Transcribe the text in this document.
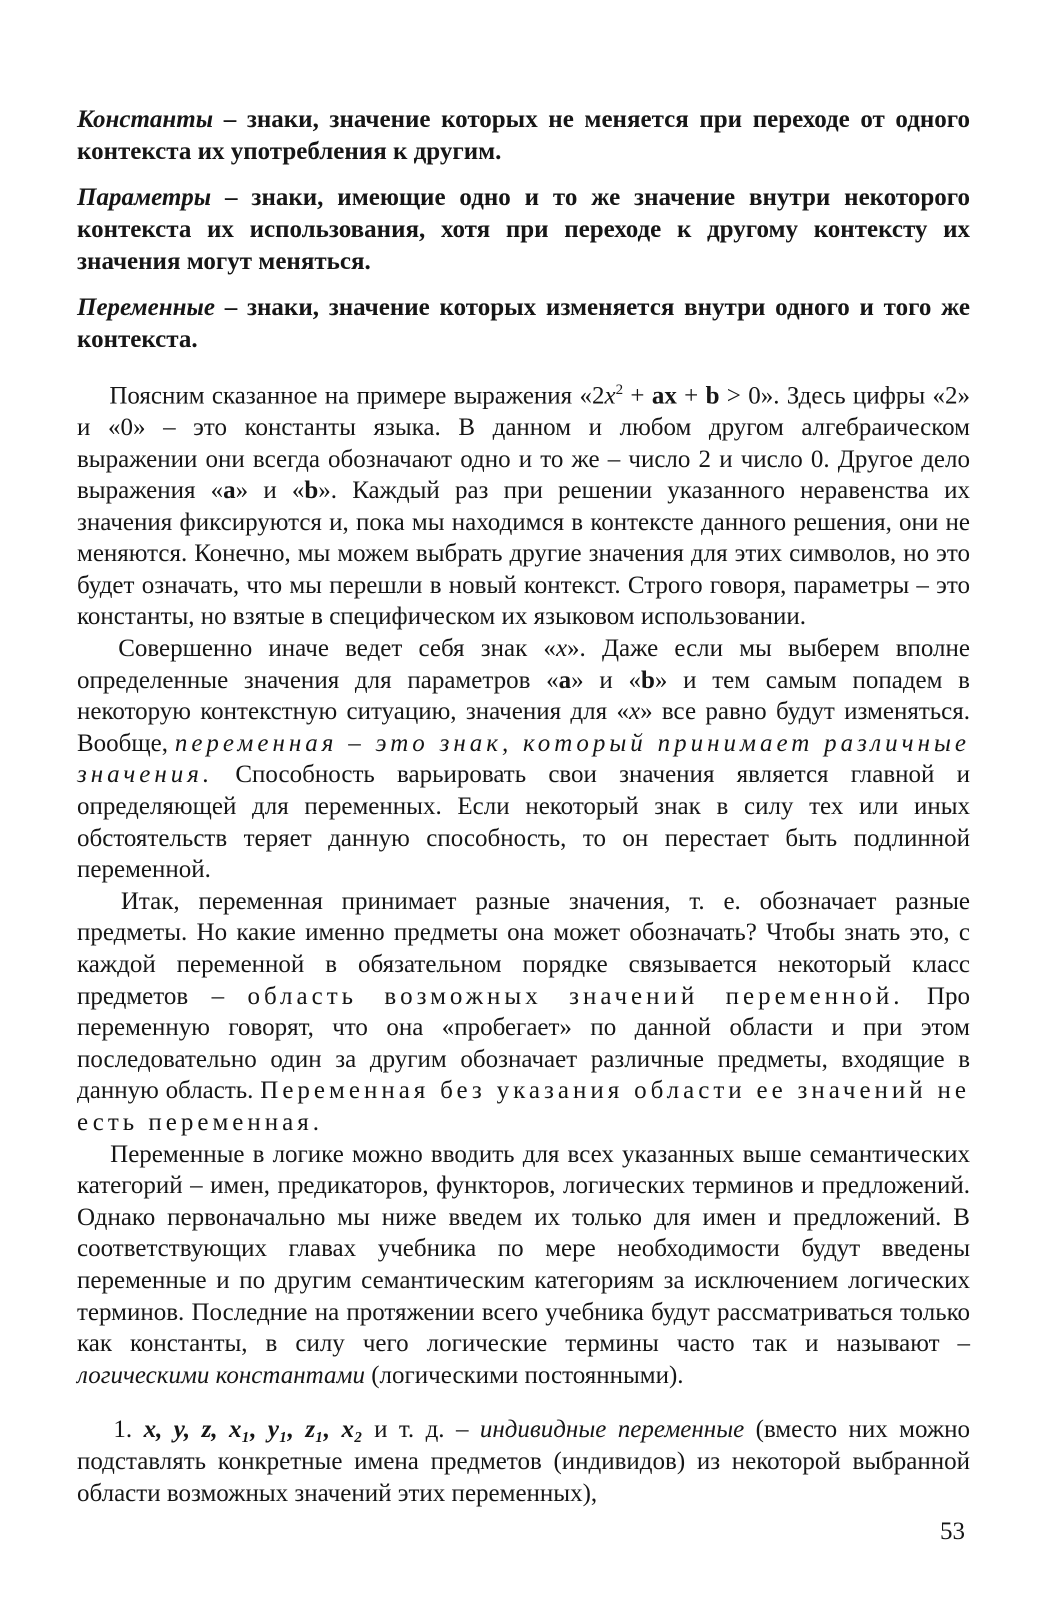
Константы – знаки, значение которых не меняется при переходе от одного контекста их употребления к другим.

Параметры – знаки, имеющие одно и то же значение внутри некоторого контекста их использования, хотя при переходе к другому контексту их значения могут меняться.

Переменные – знаки, значение которых изменяется внутри одного и того же контекста.

  Поясним сказанное на примере выражения «$2x^2$ + ax + b > 0». Здесь цифры «2» и «0» – это константы языка. В данном и любом другом алгебраическом выражении они всегда обозначают одно и то же – число 2 и число 0. Другое дело выражения «a» и «b». Каждый раз при решении указанного неравенства их значения фиксируются и, пока мы находимся в контексте данного решения, они не меняются. Конечно, мы можем выбрать другие значения для этих символов, но это будет означать, что мы перешли в новый контекст. Строго говоря, параметры – это константы, но взятые в специфическом их языковом использовании.

  Совершенно иначе ведет себя знак «x». Даже если мы выберем вполне определенные значения для параметров «a» и «b» и тем самым попадем в некоторую контекстную ситуацию, значения для «x» все равно будут изменяться. Вообще, переменная – это знак, который принимает различные значения. Способность варьировать свои значения является главной и определяющей для переменных. Если некоторый знак в силу тех или иных обстоятельств теряет данную способность, то он перестает быть подлинной переменной.

  Итак, переменная принимает разные значения, т. е. обозначает разные предметы. Но какие именно предметы она может обозначать? Чтобы знать это, с каждой переменной в обязательном порядке связывается некоторый класс предметов – область возможных значений переменной. Про переменную говорят, что она «пробегает» по данной области и при этом последовательно один за другим обозначает различные предметы, входящие в данную область. Переменная без указания области ее значений не есть переменная.

  Переменные в логике можно вводить для всех указанных выше семантических категорий – имен, предикаторов, функторов, логических терминов и предложений. Однако первоначально мы ниже введем их только для имен и предложений. В соответствующих главах учебника по мере необходимости будут введены переменные и по другим семантическим категориям за исключением логических терминов. Последние на протяжении всего учебника будут рассматриваться только как константы, в силу чего логические термины часто так и называют – логическими константами (логическими постоянными).

  1. x, y, z, x₁, y₁, z₁, x₂ и т. д. – индивидные переменные (вместо них можно подставлять конкретные имена предметов (индивидов) из некоторой выбранной области возможных значений этих переменных),

53
